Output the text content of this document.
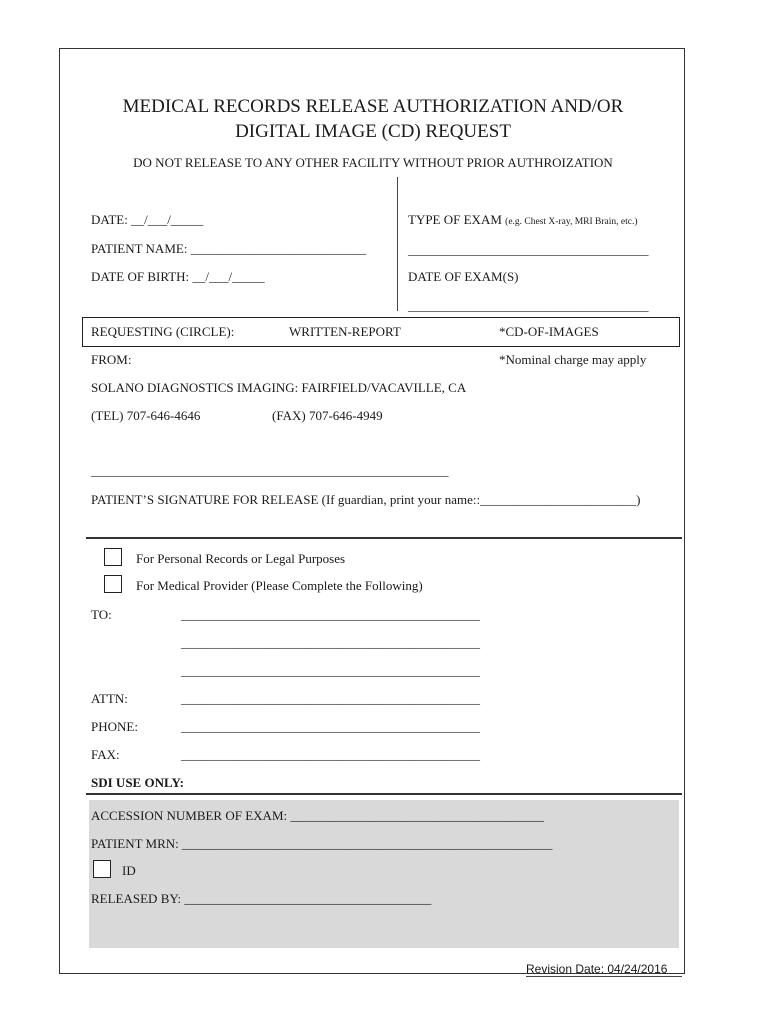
MEDICAL RECORDS RELEASE AUTHORIZATION AND/OR
DIGITAL IMAGE (CD) REQUEST
DO NOT RELEASE TO ANY OTHER FACILITY WITHOUT PRIOR AUTHROIZATION
DATE: __/___/_____
PATIENT NAME: ___________________________
DATE OF BIRTH: __/___/_____
TYPE OF EXAM (e.g. Chest X-ray, MRI Brain, etc.)
_____________________________________
DATE OF EXAM(S)
_____________________________________
REQUESTING (CIRCLE):	WRITTEN-REPORT	*CD-OF-IMAGES
FROM:	*Nominal charge may apply
SOLANO DIAGNOSTICS IMAGING: FAIRFIELD/VACAVILLE, CA
(TEL) 707-646-4646	(FAX) 707-646-4949
_______________________________________________________
PATIENT’S SIGNATURE FOR RELEASE (If guardian, print your name::________________________)
For Personal Records or Legal Purposes
For Medical Provider (Please Complete the Following)
TO:	______________________________________________
______________________________________________
______________________________________________
ATTN:	______________________________________________
PHONE:	______________________________________________
FAX:	______________________________________________
SDI USE ONLY:
ACCESSION NUMBER OF EXAM: _______________________________________
PATIENT MRN: _________________________________________________________
ID
RELEASED BY: ______________________________________
Revision Date: 04/24/2016
